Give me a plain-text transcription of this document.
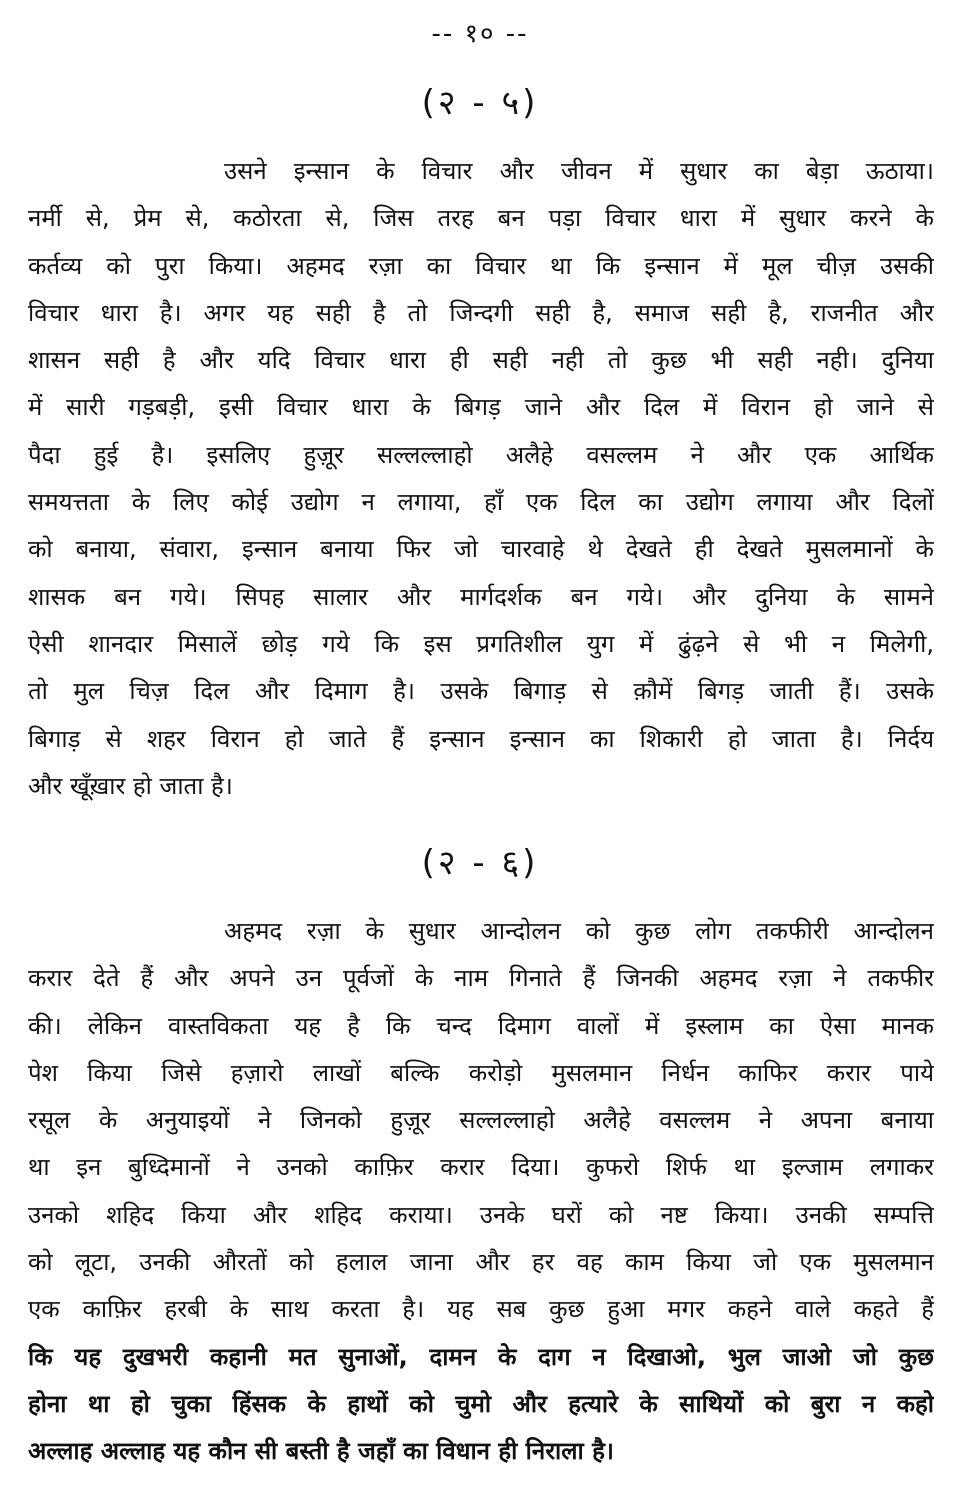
-- १० --
(२ - ५)

उसने इन्सान के विचार और जीवन में सुधार का बेड़ा ऊठाया।
नर्मी से, प्रेम से, कठोरता से, जिस तरह बन पड़ा विचार धारा में सुधार करने के
कर्तव्य को पुरा किया। अहमद रज़ा का विचार था कि इन्सान में मूल चीज़ उसकी
विचार धारा है। अगर यह सही है तो जिन्दगी सही है, समाज सही है, राजनीत और
शासन सही है और यदि विचार धारा ही सही नही तो कुछ भी सही नही। दुनिया
में सारी गड़बड़ी, इसी विचार धारा के बिगड़ जाने और दिल में विरान हो जाने से
पैदा हुई है। इसलिए हुज़ूर सल्लल्लाहो अलैहे वसल्लम ने और एक आर्थिक
समयत्तता के लिए कोई उद्योग न लगाया, हाँ एक दिल का उद्योग लगाया और दिलों
को बनाया, संवारा, इन्सान बनाया फिर जो चारवाहे थे देखते ही देखते मुसलमानों के
शासक बन गये। सिपह सालार और मार्गदर्शक बन गये। और दुनिया के सामने
ऐसी शानदार मिसालें छोड़ गये कि इस प्रगतिशील युग में ढुंढ़ने से भी न मिलेगी,
तो मुल चिज़ दिल और दिमाग है। उसके बिगाड़ से क़ौमें बिगड़ जाती हैं। उसके
बिगाड़ से शहर विरान हो जाते हैं इन्सान इन्सान का शिकारी हो जाता है। निर्दय
और खूँख़ार हो जाता है।

(२ - ६)

अहमद रज़ा के सुधार आन्दोलन को कुछ लोग तकफीरी आन्दोलन
करार देते हैं और अपने उन पूर्वजों के नाम गिनाते हैं जिनकी अहमद रज़ा ने तकफीर
की। लेकिन वास्तविकता यह है कि चन्द दिमाग वालों में इस्लाम का ऐसा मानक
पेश किया जिसे हज़ारो लाखों बल्कि करोड़ो मुसलमान निर्धन काफिर करार पाये
रसूल के अनुयाइयों ने जिनको हुज़ूर सल्लल्लाहो अलैहे वसल्लम ने अपना बनाया
था इन बुध्दिमानों ने उनको काफ़िर करार दिया। कुफरो शिर्फ था इल्जाम लगाकर
उनको शहिद किया और शहिद कराया। उनके घरों को नष्ट किया। उनकी सम्पत्ति
को लूटा, उनकी औरतों को हलाल जाना और हर वह काम किया जो एक मुसलमान
एक काफ़िर हरबी के साथ करता है। यह सब कुछ हुआ मगर कहने वाले कहते हैं
कि यह दुखभरी कहानी मत सुनाओं, दामन के दाग न दिखाओ, भुल जाओ जो कुछ
होना था हो चुका हिंसक के हाथों को चुमो और हत्यारे के साथियों को बुरा न कहो
अल्लाह अल्लाह यह कौन सी बस्ती है जहाँ का विधान ही निराला है।
